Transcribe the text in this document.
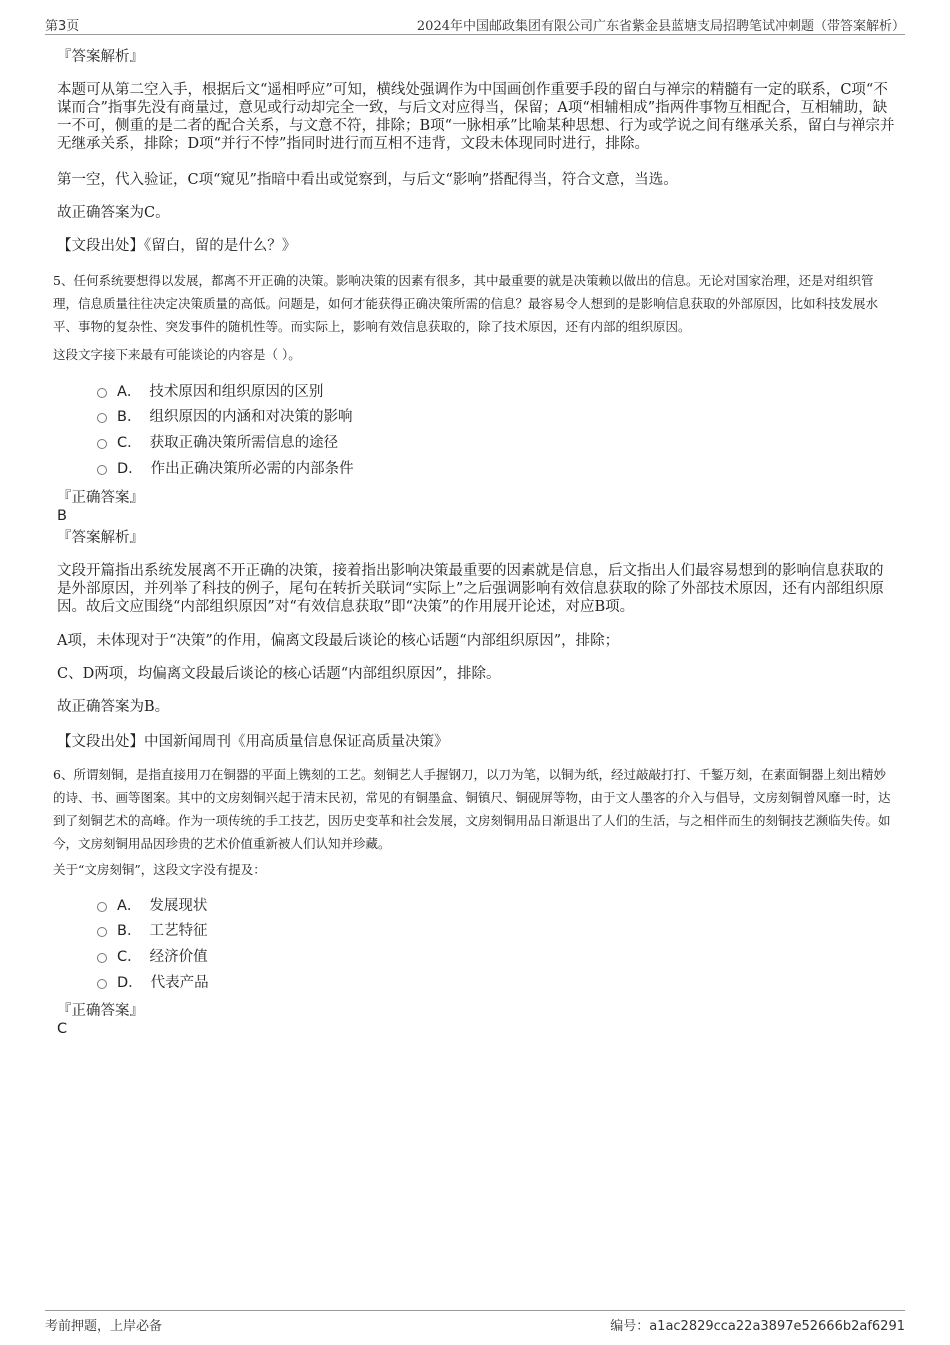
第3页	2024年中国邮政集团有限公司广东省紫金县蓝塘支局招聘笔试冲刺题（带答案解析）
『答案解析』
本题可从第二空入手，根据后文“遥相呼应”可知，横线处强调作为中国画创作重要手段的留白与禅宗的精髓有一定的联系，C项“不谋而合”指事先没有商量过，意见或行动却完全一致，与后文对应得当，保留；A项“相辅相成”指两件事物互相配合，互相辅助，缺一不可，侧重的是二者的配合关系，与文意不符，排除；B项“一脉相承”比喻某种思想、行为或学说之间有继承关系，留白与禅宗并无继承关系，排除；D项“并行不悖”指同时进行而互相不违背，文段未体现同时进行，排除。
第一空，代入验证，C项“窥见”指暗中看出或觉察到，与后文“影响”搭配得当，符合文意，当选。
故正确答案为C。
【文段出处】《留白，留的是什么？》
5、任何系统要想得以发展，都离不开正确的决策。影响决策的因素有很多，其中最重要的就是决策赖以做出的信息。无论对国家治理，还是对组织管理，信息质量往往决定决策质量的高低。问题是，如何才能获得正确决策所需的信息？最容易令人想到的是影响信息获取的外部原因，比如科技发展水平、事物的复杂性、突发事件的随机性等。而实际上，影响有效信息获取的，除了技术原因，还有内部的组织原因。
这段文字接下来最有可能谈论的内容是（ ）。
A． 技术原因和组织原因的区别
B． 组织原因的内涵和对决策的影响
C． 获取正确决策所需信息的途径
D． 作出正确决策所必需的内部条件
『正确答案』
B
『答案解析』
文段开篇指出系统发展离不开正确的决策，接着指出影响决策最重要的因素就是信息，后文指出人们最容易想到的影响信息获取的是外部原因，并列举了科技的例子，尾句在转折关联词“实际上”之后强调影响有效信息获取的除了外部技术原因，还有内部组织原因。故后文应围绕“内部组织原因”对“有效信息获取”即“决策”的作用展开论述，对应B项。
A项，未体现对于“决策”的作用，偏离文段最后谈论的核心话题“内部组织原因”，排除；
C、D两项，均偏离文段最后谈论的核心话题“内部组织原因”，排除。
故正确答案为B。
【文段出处】中国新闻周刊《用高质量信息保证高质量决策》
6、所谓刻铜，是指直接用刀在铜器的平面上镌刻的工艺。刻铜艺人手握钢刀，以刀为笔，以铜为纸，经过敲敲打打、千錾万刻，在素面铜器上刻出精妙的诗、书、画等图案。其中的文房刻铜兴起于清末民初，常见的有铜墨盒、铜镇尺、铜砚屏等物，由于文人墨客的介入与倡导，文房刻铜曾风靡一时，达到了刻铜艺术的高峰。作为一项传统的手工技艺，因历史变革和社会发展，文房刻铜用品日渐退出了人们的生活，与之相伴而生的刻铜技艺濒临失传。如今，文房刻铜用品因珍贵的艺术价值重新被人们认知并珍藏。
关于“文房刻铜”，这段文字没有提及：
A． 发展现状
B． 工艺特征
C． 经济价值
D． 代表产品
『正确答案』
C
考前押题，上岸必备	编号：a1ac2829cca22a3897e52666b2af6291
